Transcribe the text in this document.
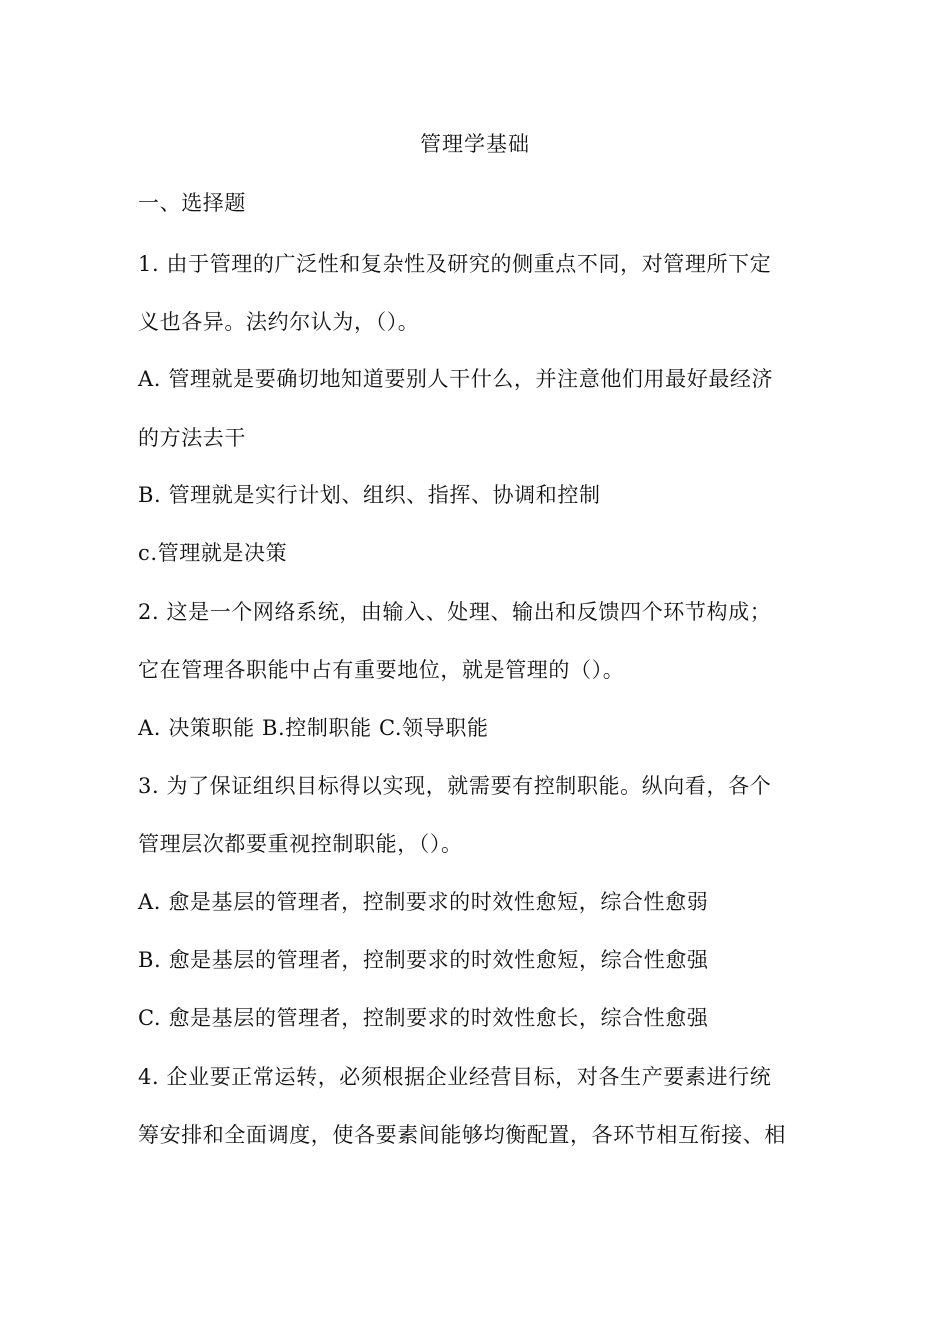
管理学基础
一、选择题
1. 由于管理的广泛性和复杂性及研究的侧重点不同，对管理所下定
义也各异。法约尔认为，（）。
A. 管理就是要确切地知道要别人干什么，并注意他们用最好最经济
的方法去干
B. 管理就是实行计划、组织、指挥、协调和控制
c.管理就是决策
2. 这是一个网络系统，由输入、处理、输出和反馈四个环节构成；
它在管理各职能中占有重要地位，就是管理的（）。
A. 决策职能 B.控制职能 C.领导职能
3. 为了保证组织目标得以实现，就需要有控制职能。纵向看，各个
管理层次都要重视控制职能，（）。
A. 愈是基层的管理者，控制要求的时效性愈短，综合性愈弱
B. 愈是基层的管理者，控制要求的时效性愈短，综合性愈强
C. 愈是基层的管理者，控制要求的时效性愈长，综合性愈强
4. 企业要正常运转，必须根据企业经营目标，对各生产要素进行统
筹安排和全面调度，使各要素间能够均衡配置，各环节相互衔接、相
